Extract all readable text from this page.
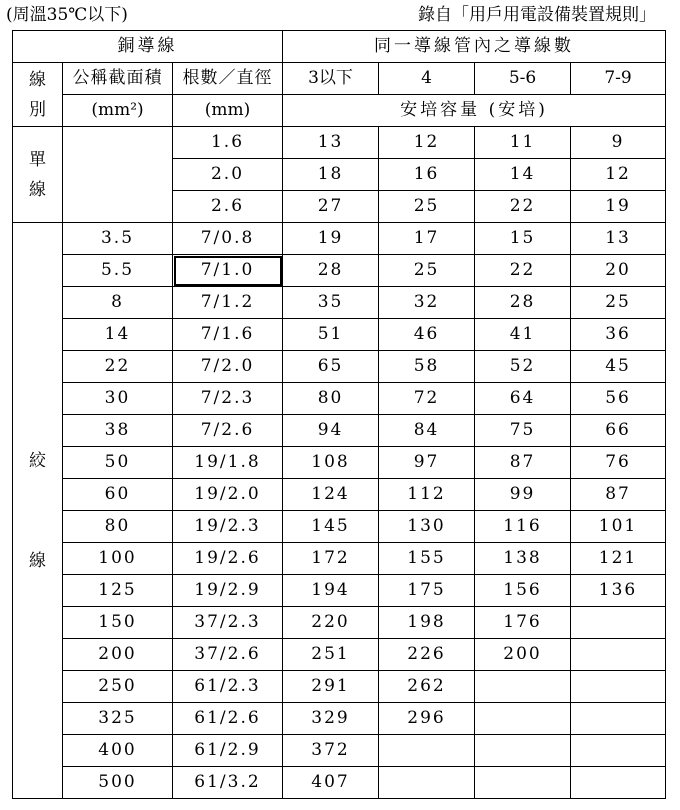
(周溫35℃以下)	錄自「用戶用電設備裝置規則」
銅導線			同一導線管內之導線數			

線
別	公稱截面積	根數／直徑	3以下	4	5-6	7-9
	(mm²)	(mm)	安培容量 (安培)			

單
線		1.6	13	12	11	9
		2.0	18	16	14	12
		2.6	27	25	22	19

絞
線	3.5	7/0.8	19	17	15	13
	5.5	7/1.0	28	25	22	20
	8	7/1.2	35	32	28	25
	14	7/1.6	51	46	41	36
	22	7/2.0	65	58	52	45
	30	7/2.3	80	72	64	56
	38	7/2.6	94	84	75	66
	50	19/1.8	108	97	87	76
	60	19/2.0	124	112	99	87
	80	19/2.3	145	130	116	101
	100	19/2.6	172	155	138	121
	125	19/2.9	194	175	156	136
	150	37/2.3	220	198	176	
	200	37/2.6	251	226	200	
	250	61/2.3	291	262		
	325	61/2.6	329	296		
	400	61/2.9	372			
	500	61/3.2	407			
